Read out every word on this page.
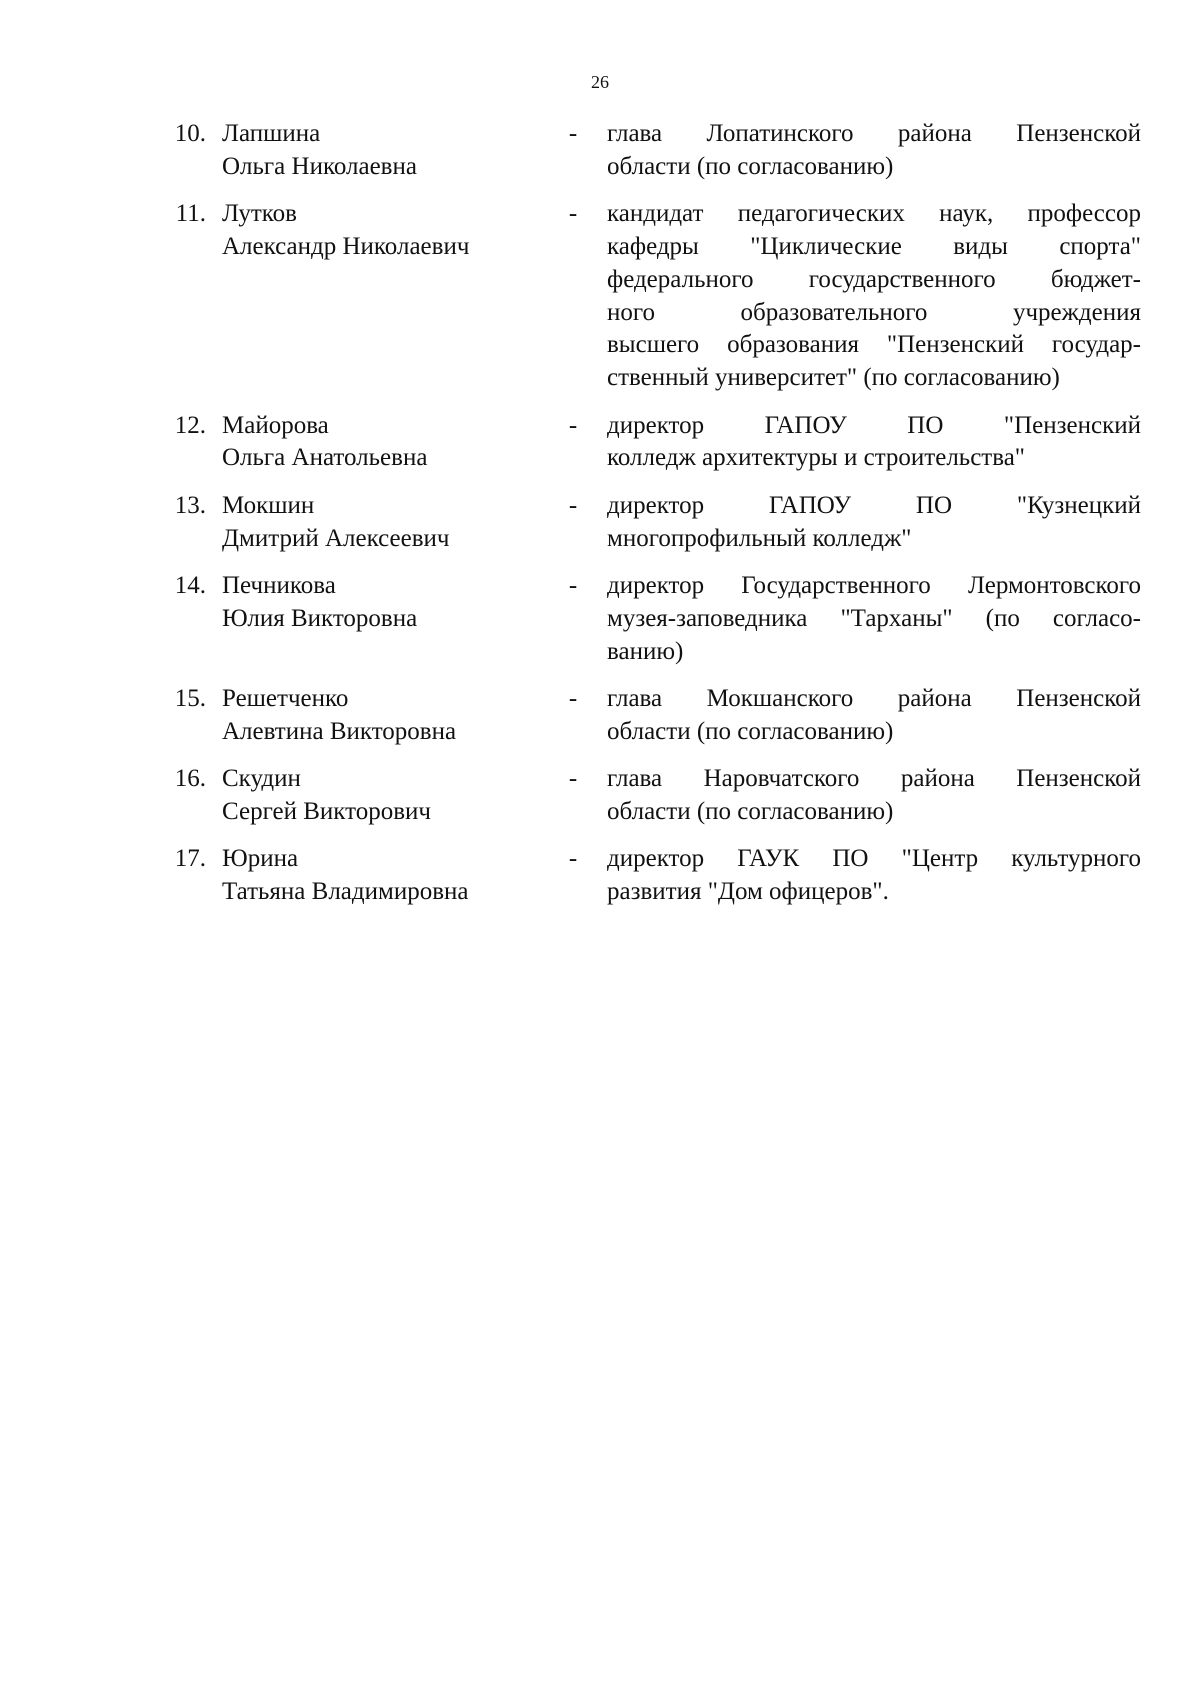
26
10. Лапшина
Ольга Николаевна
- глава Лопатинского района Пензенской
области (по согласованию)
11. Лутков
Александр Николаевич
- кандидат педагогических наук, профессор
кафедры "Циклические виды спорта"
федерального государственного бюджет-
ного образовательного учреждения
высшего образования "Пензенский государ-
ственный университет" (по согласованию)
12. Майорова
Ольга Анатольевна
- директор ГАПОУ ПО "Пензенский
колледж архитектуры и строительства"
13. Мокшин
Дмитрий Алексеевич
- директор ГАПОУ ПО "Кузнецкий
многопрофильный колледж"
14. Печникова
Юлия Викторовна
- директор Государственного Лермонтовского
музея-заповедника "Тарханы" (по согласо-
ванию)
15. Решетченко
Алевтина Викторовна
- глава Мокшанского района Пензенской
области (по согласованию)
16. Скудин
Сергей Викторович
- глава Наровчатского района Пензенской
области (по согласованию)
17. Юрина
Татьяна Владимировна
- директор ГАУК ПО "Центр культурного
развития "Дом офицеров".
